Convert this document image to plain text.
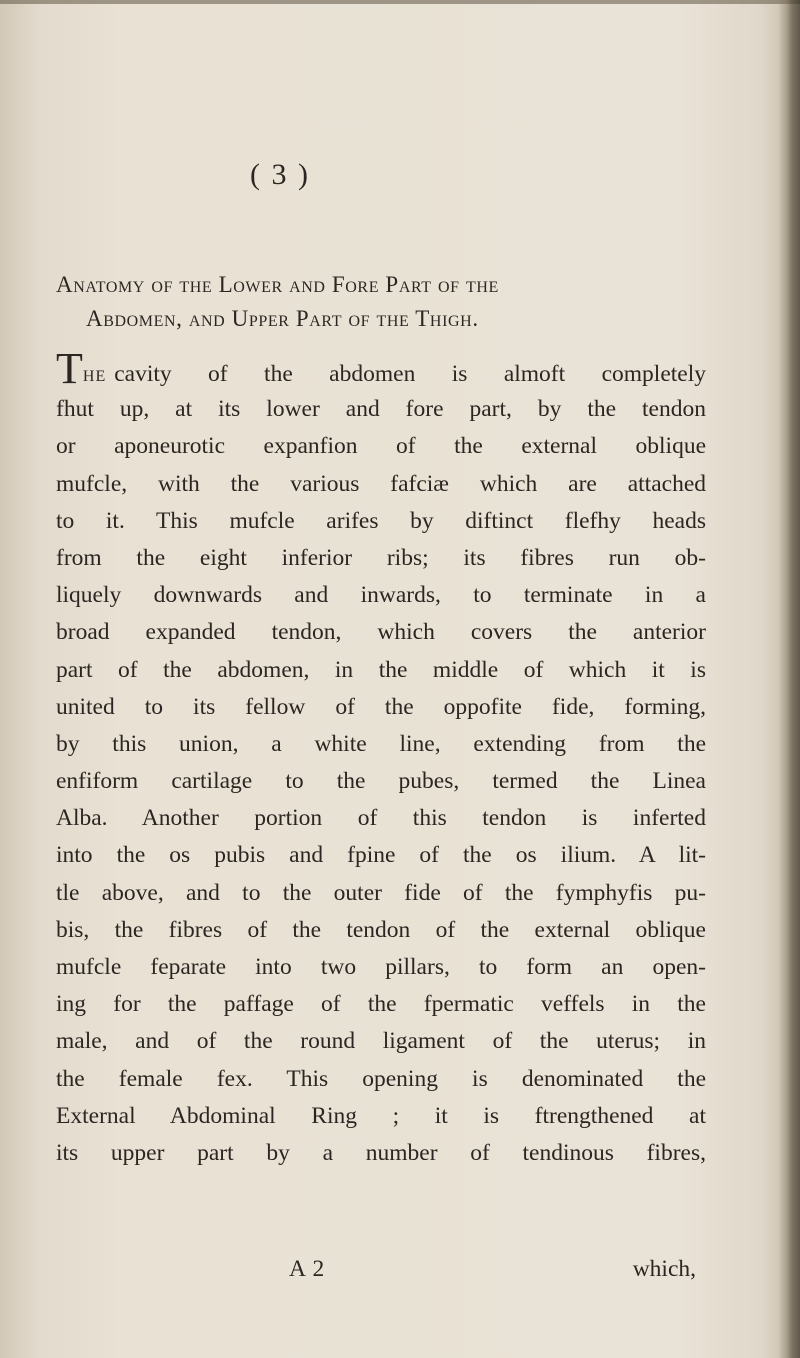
( 3 )
Anatomy of the Lower and Fore Part of the
Abdomen, and Upper Part of the Thigh.
The cavity of the abdomen is almoft completely
fhut up, at its lower and fore part, by the tendon
or aponeurotic expanfion of the external oblique
mufcle, with the various fafciæ which are attached
to it. This mufcle arifes by diftinct flefhy heads
from the eight inferior ribs; its fibres run ob-
liquely downwards and inwards, to terminate in a
broad expanded tendon, which covers the anterior
part of the abdomen, in the middle of which it is
united to its fellow of the oppofite fide, forming,
by this union, a white line, extending from the
enfiform cartilage to the pubes, termed the Linea
Alba. Another portion of this tendon is inferted
into the os pubis and fpine of the os ilium. A lit-
tle above, and to the outer fide of the fymphyfis pu-
bis, the fibres of the tendon of the external oblique
mufcle feparate into two pillars, to form an open-
ing for the paffage of the fpermatic veffels in the
male, and of the round ligament of the uterus; in
the female fex. This opening is denominated the
External Abdominal Ring ; it is ftrengthened at
its upper part by a number of tendinous fibres,
A 2	which,
